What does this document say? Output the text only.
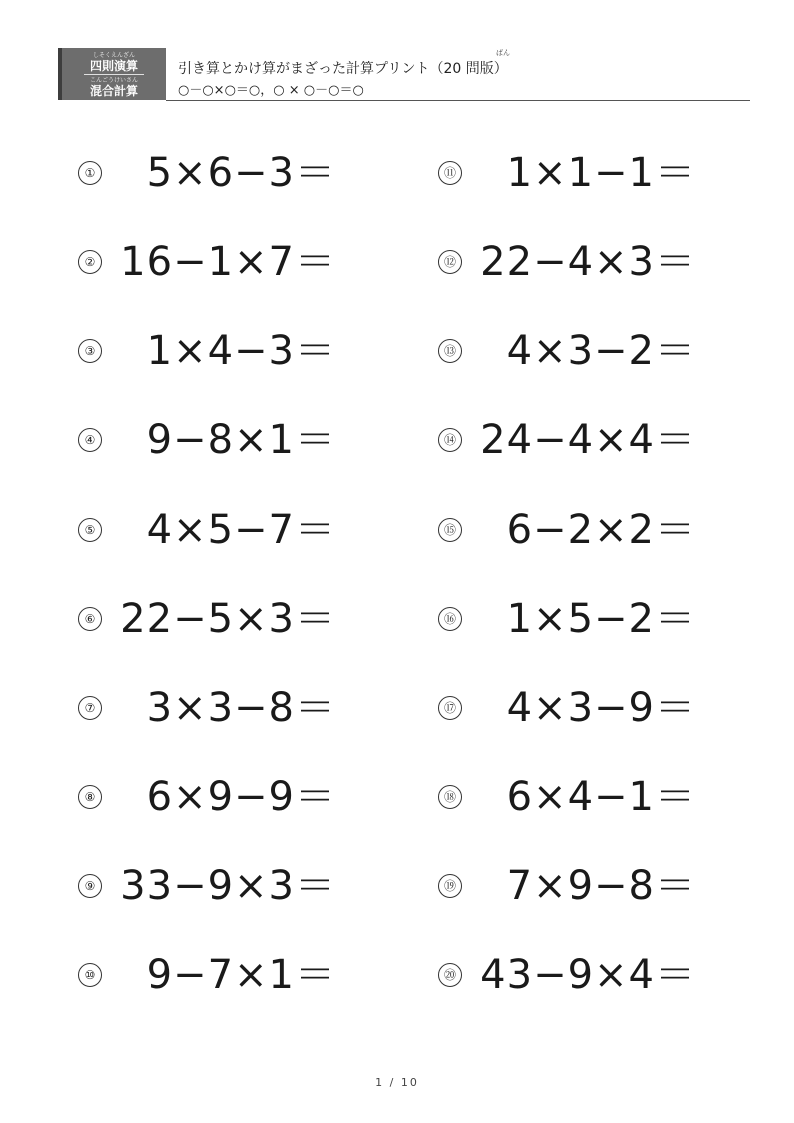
しそくえんざん
四則演算
こんごうけいさん
混合計算
ばん
引き算とかけ算がまざった計算プリント（20 問版）
○－○×○＝○，○ × ○－○＝○
① 5×6−3＝
② 16−1×7＝
③ 1×4−3＝
④ 9−8×1＝
⑤ 4×5−7＝
⑥ 22−5×3＝
⑦ 3×3−8＝
⑧ 6×9−9＝
⑨ 33−9×3＝
⑩ 9−7×1＝
⑪ 1×1−1＝
⑫ 22−4×3＝
⑬ 4×3−2＝
⑭ 24−4×4＝
⑮ 6−2×2＝
⑯ 1×5−2＝
⑰ 4×3−9＝
⑱ 6×4−1＝
⑲ 7×9−8＝
⑳ 43−9×4＝
1 / 10
